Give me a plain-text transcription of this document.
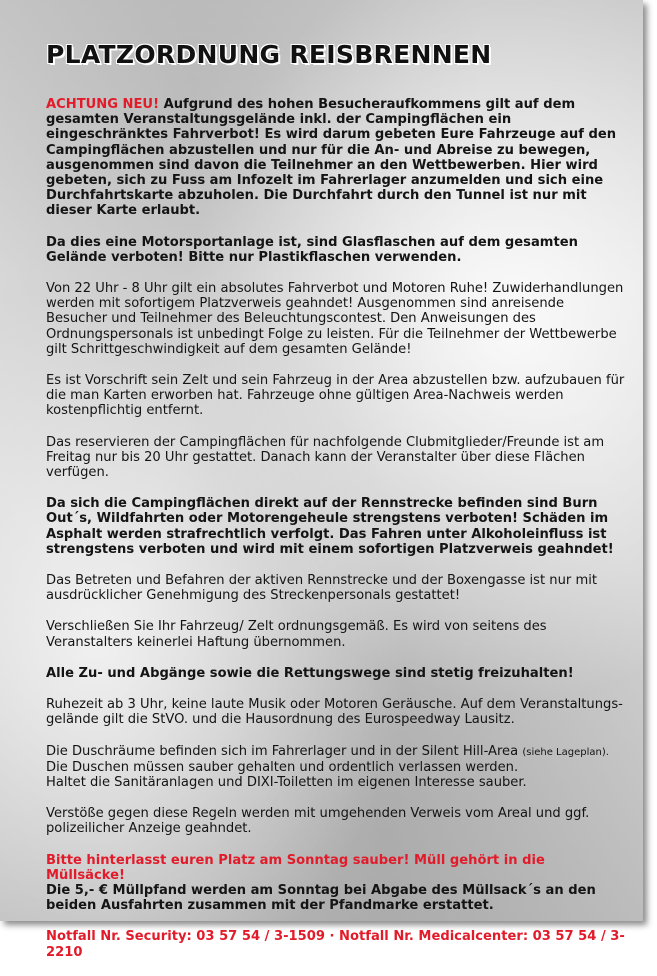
PLATZORDNUNG REISBRENNEN

ACHTUNG NEU! Aufgrund des hohen Besucheraufkommens gilt auf dem gesamten Veranstaltungsgelände inkl. der Campingflächen ein eingeschränktes Fahrverbot! Es wird darum gebeten Eure Fahrzeuge auf den Campingflächen abzustellen und nur für die An- und Abreise zu bewegen, ausgenommen sind davon die Teilnehmer an den Wettbewerben. Hier wird gebeten, sich zu Fuss am Infozelt im Fahrerlager anzumelden und sich eine Durchfahrtskarte abzuholen. Die Durchfahrt durch den Tunnel ist nur mit dieser Karte erlaubt.

Da dies eine Motorsportanlage ist, sind Glasflaschen auf dem gesamten Gelände verboten! Bitte nur Plastikflaschen verwenden.

Von 22 Uhr - 8 Uhr gilt ein absolutes Fahrverbot und Motoren Ruhe! Zuwiderhandlungen werden mit sofortigem Platzverweis geahndet! Ausgenommen sind anreisende Besucher und Teilnehmer des Beleuchtungscontest. Den Anweisungen des Ordnungspersonals ist unbedingt Folge zu leisten. Für die Teilnehmer der Wettbewerbe gilt Schrittgeschwindigkeit auf dem gesamten Gelände!

Es ist Vorschrift sein Zelt und sein Fahrzeug in der Area abzustellen bzw. aufzubauen für die man Karten erworben hat. Fahrzeuge ohne gültigen Area-Nachweis werden kostenpflichtig entfernt.

Das reservieren der Campingflächen für nachfolgende Clubmitglieder/Freunde ist am Freitag nur bis 20 Uhr gestattet. Danach kann der Veranstalter über diese Flächen verfügen.

Da sich die Campingflächen direkt auf der Rennstrecke befinden sind Burn Out´s, Wildfahrten oder Motorengeheule strengstens verboten! Schäden im Asphalt werden strafrechtlich verfolgt. Das Fahren unter Alkoholeinfluss ist strengstens verboten und wird mit einem sofortigen Platzverweis geahndet!

Das Betreten und Befahren der aktiven Rennstrecke und der Boxengasse ist nur mit ausdrücklicher Genehmigung des Streckenpersonals gestattet!

Verschließen Sie Ihr Fahrzeug/ Zelt ordnungsgemäß. Es wird von seitens des Veranstalters keinerlei Haftung übernommen.

Alle Zu- und Abgänge sowie die Rettungswege sind stetig freizuhalten!

Ruhezeit ab 3 Uhr, keine laute Musik oder Motoren Geräusche. Auf dem Veranstaltungs-gelände gilt die StVO. und die Hausordnung des Eurospeedway Lausitz.

Die Duschräume befinden sich im Fahrerlager und in der Silent Hill-Area (siehe Lageplan).
Die Duschen müssen sauber gehalten und ordentlich verlassen werden.
Haltet die Sanitäranlagen und DIXI-Toiletten im eigenen Interesse sauber.

Verstöße gegen diese Regeln werden mit umgehenden Verweis vom Areal und ggf. polizeilicher Anzeige geahndet.

Bitte hinterlasst euren Platz am Sonntag sauber! Müll gehört in die Müllsäcke!
Die 5,- € Müllpfand werden am Sonntag bei Abgabe des Müllsack´s an den beiden Ausfahrten zusammen mit der Pfandmarke erstattet.

Notfall Nr. Security: 03 57 54 / 3-1509 · Notfall Nr. Medicalcenter: 03 57 54 / 3-2210
